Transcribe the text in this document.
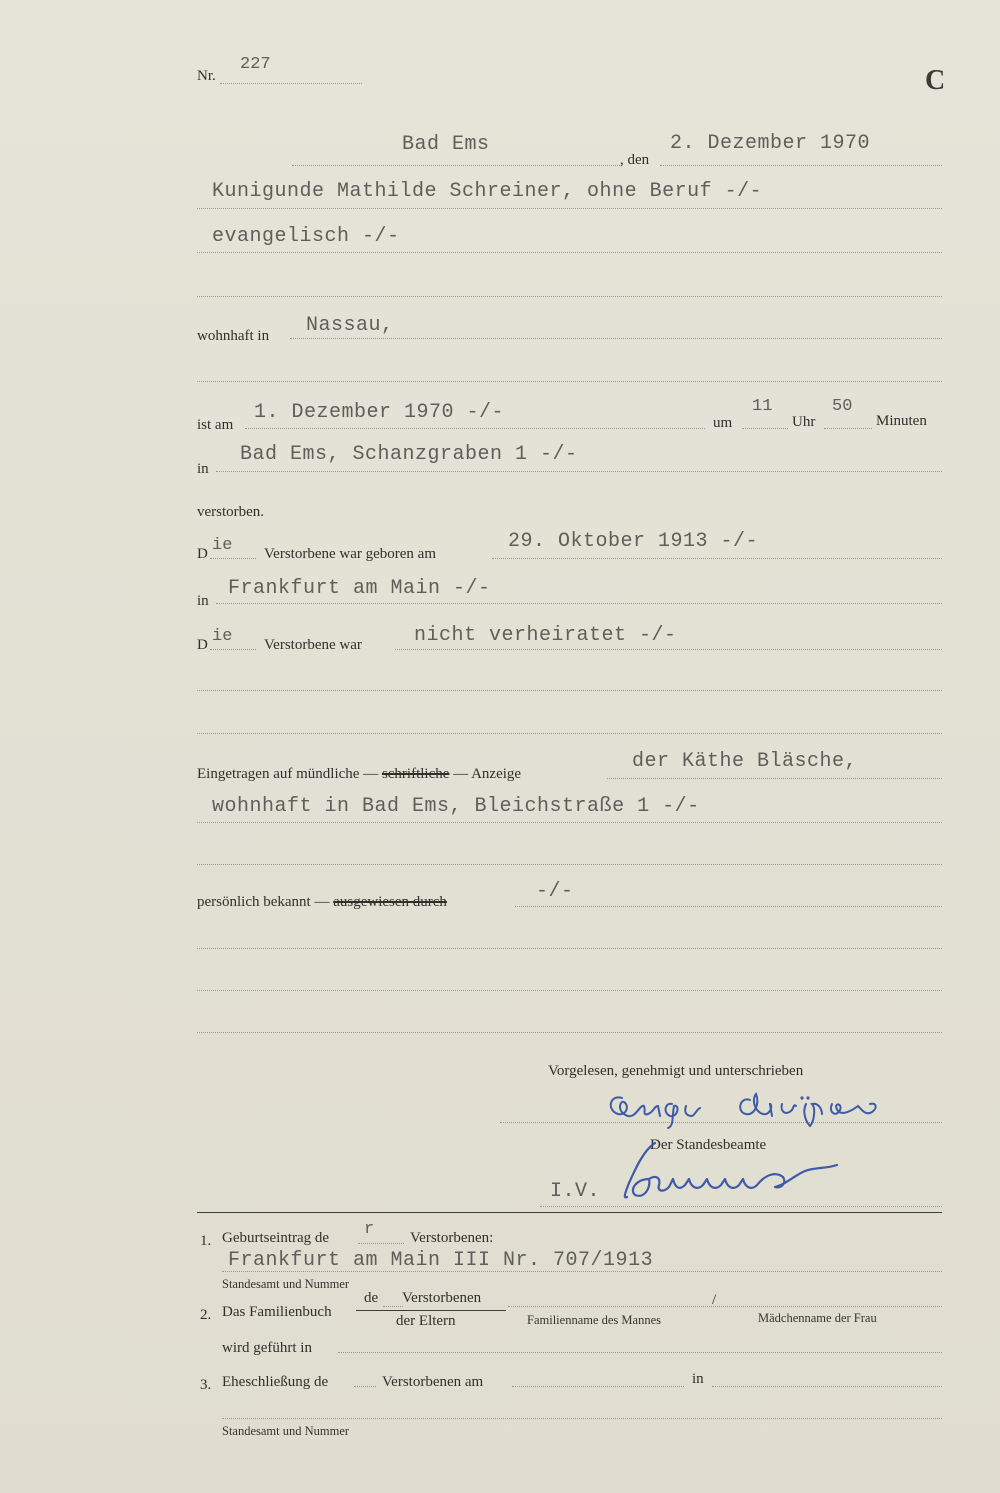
Nr.
227
C
Bad Ems
, den
2. Dezember 1970
Kunigunde Mathilde Schreiner, ohne Beruf -/-
evangelisch -/-
wohnhaft in Nassau,
ist am
1. Dezember 1970 -/-	um
11
Uhr
50
Minuten
in
Bad Ems, Schanzgraben 1 -/-
verstorben.
D ie Verstorbene war geboren am
29. Oktober 1913 -/-
in
Frankfurt am Main -/-
D ie Verstorbene war	nicht verheiratet -/-
Eingetragen auf mündliche — schriftliche — Anzeige
der Käthe Bläsche,
wohnhaft in Bad Ems, Bleichstraße 1 -/-
persönlich bekannt — ausgewiesen durch	-/-
Vorgelesen, genehmigt und unterschrieben
Der Standesbeamte
I.V.
1. Geburtseintrag de r Verstorbenen:
Frankfurt am Main III Nr. 707/1913
Standesamt und Nummer
2. Das Familienbuch
de Verstorbenen
der Eltern
/
Familienname des Mannes	Mädchenname der Frau
wird geführt in
3. Eheschließung de	Verstorbenen am	in
Standesamt und Nummer
